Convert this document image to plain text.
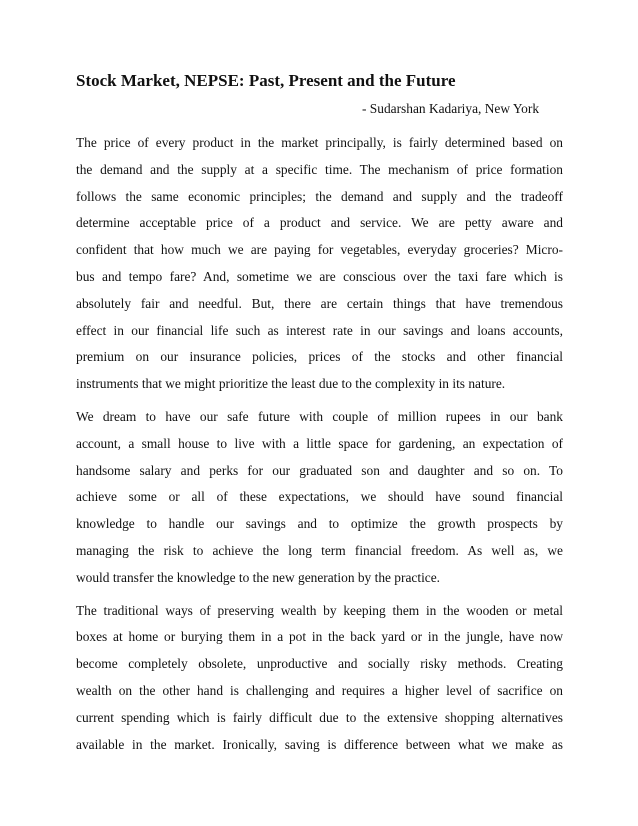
Stock Market, NEPSE: Past, Present and the Future
- Sudarshan Kadariya, New York
The price of every product in the market principally, is fairly determined based on
the demand and the supply at a specific time. The mechanism of price formation
follows the same economic principles; the demand and supply and the tradeoff
determine acceptable price of a product and service. We are petty aware and
confident that how much we are paying for vegetables, everyday groceries? Micro-
bus and tempo fare? And, sometime we are conscious over the taxi fare which is
absolutely fair and needful. But, there are certain things that have tremendous
effect in our financial life such as interest rate in our savings and loans accounts,
premium on our insurance policies, prices of the stocks and other financial
instruments that we might prioritize the least due to the complexity in its nature.
We dream to have our safe future with couple of million rupees in our bank
account, a small house to live with a little space for gardening, an expectation of
handsome salary and perks for our graduated son and daughter and so on. To
achieve some or all of these expectations, we should have sound financial
knowledge to handle our savings and to optimize the growth prospects by
managing the risk to achieve the long term financial freedom. As well as, we
would transfer the knowledge to the new generation by the practice.
The traditional ways of preserving wealth by keeping them in the wooden or metal
boxes at home or burying them in a pot in the back yard or in the jungle, have now
become completely obsolete, unproductive and socially risky methods. Creating
wealth on the other hand is challenging and requires a higher level of sacrifice on
current spending which is fairly difficult due to the extensive shopping alternatives
available in the market. Ironically, saving is difference between what we make as
